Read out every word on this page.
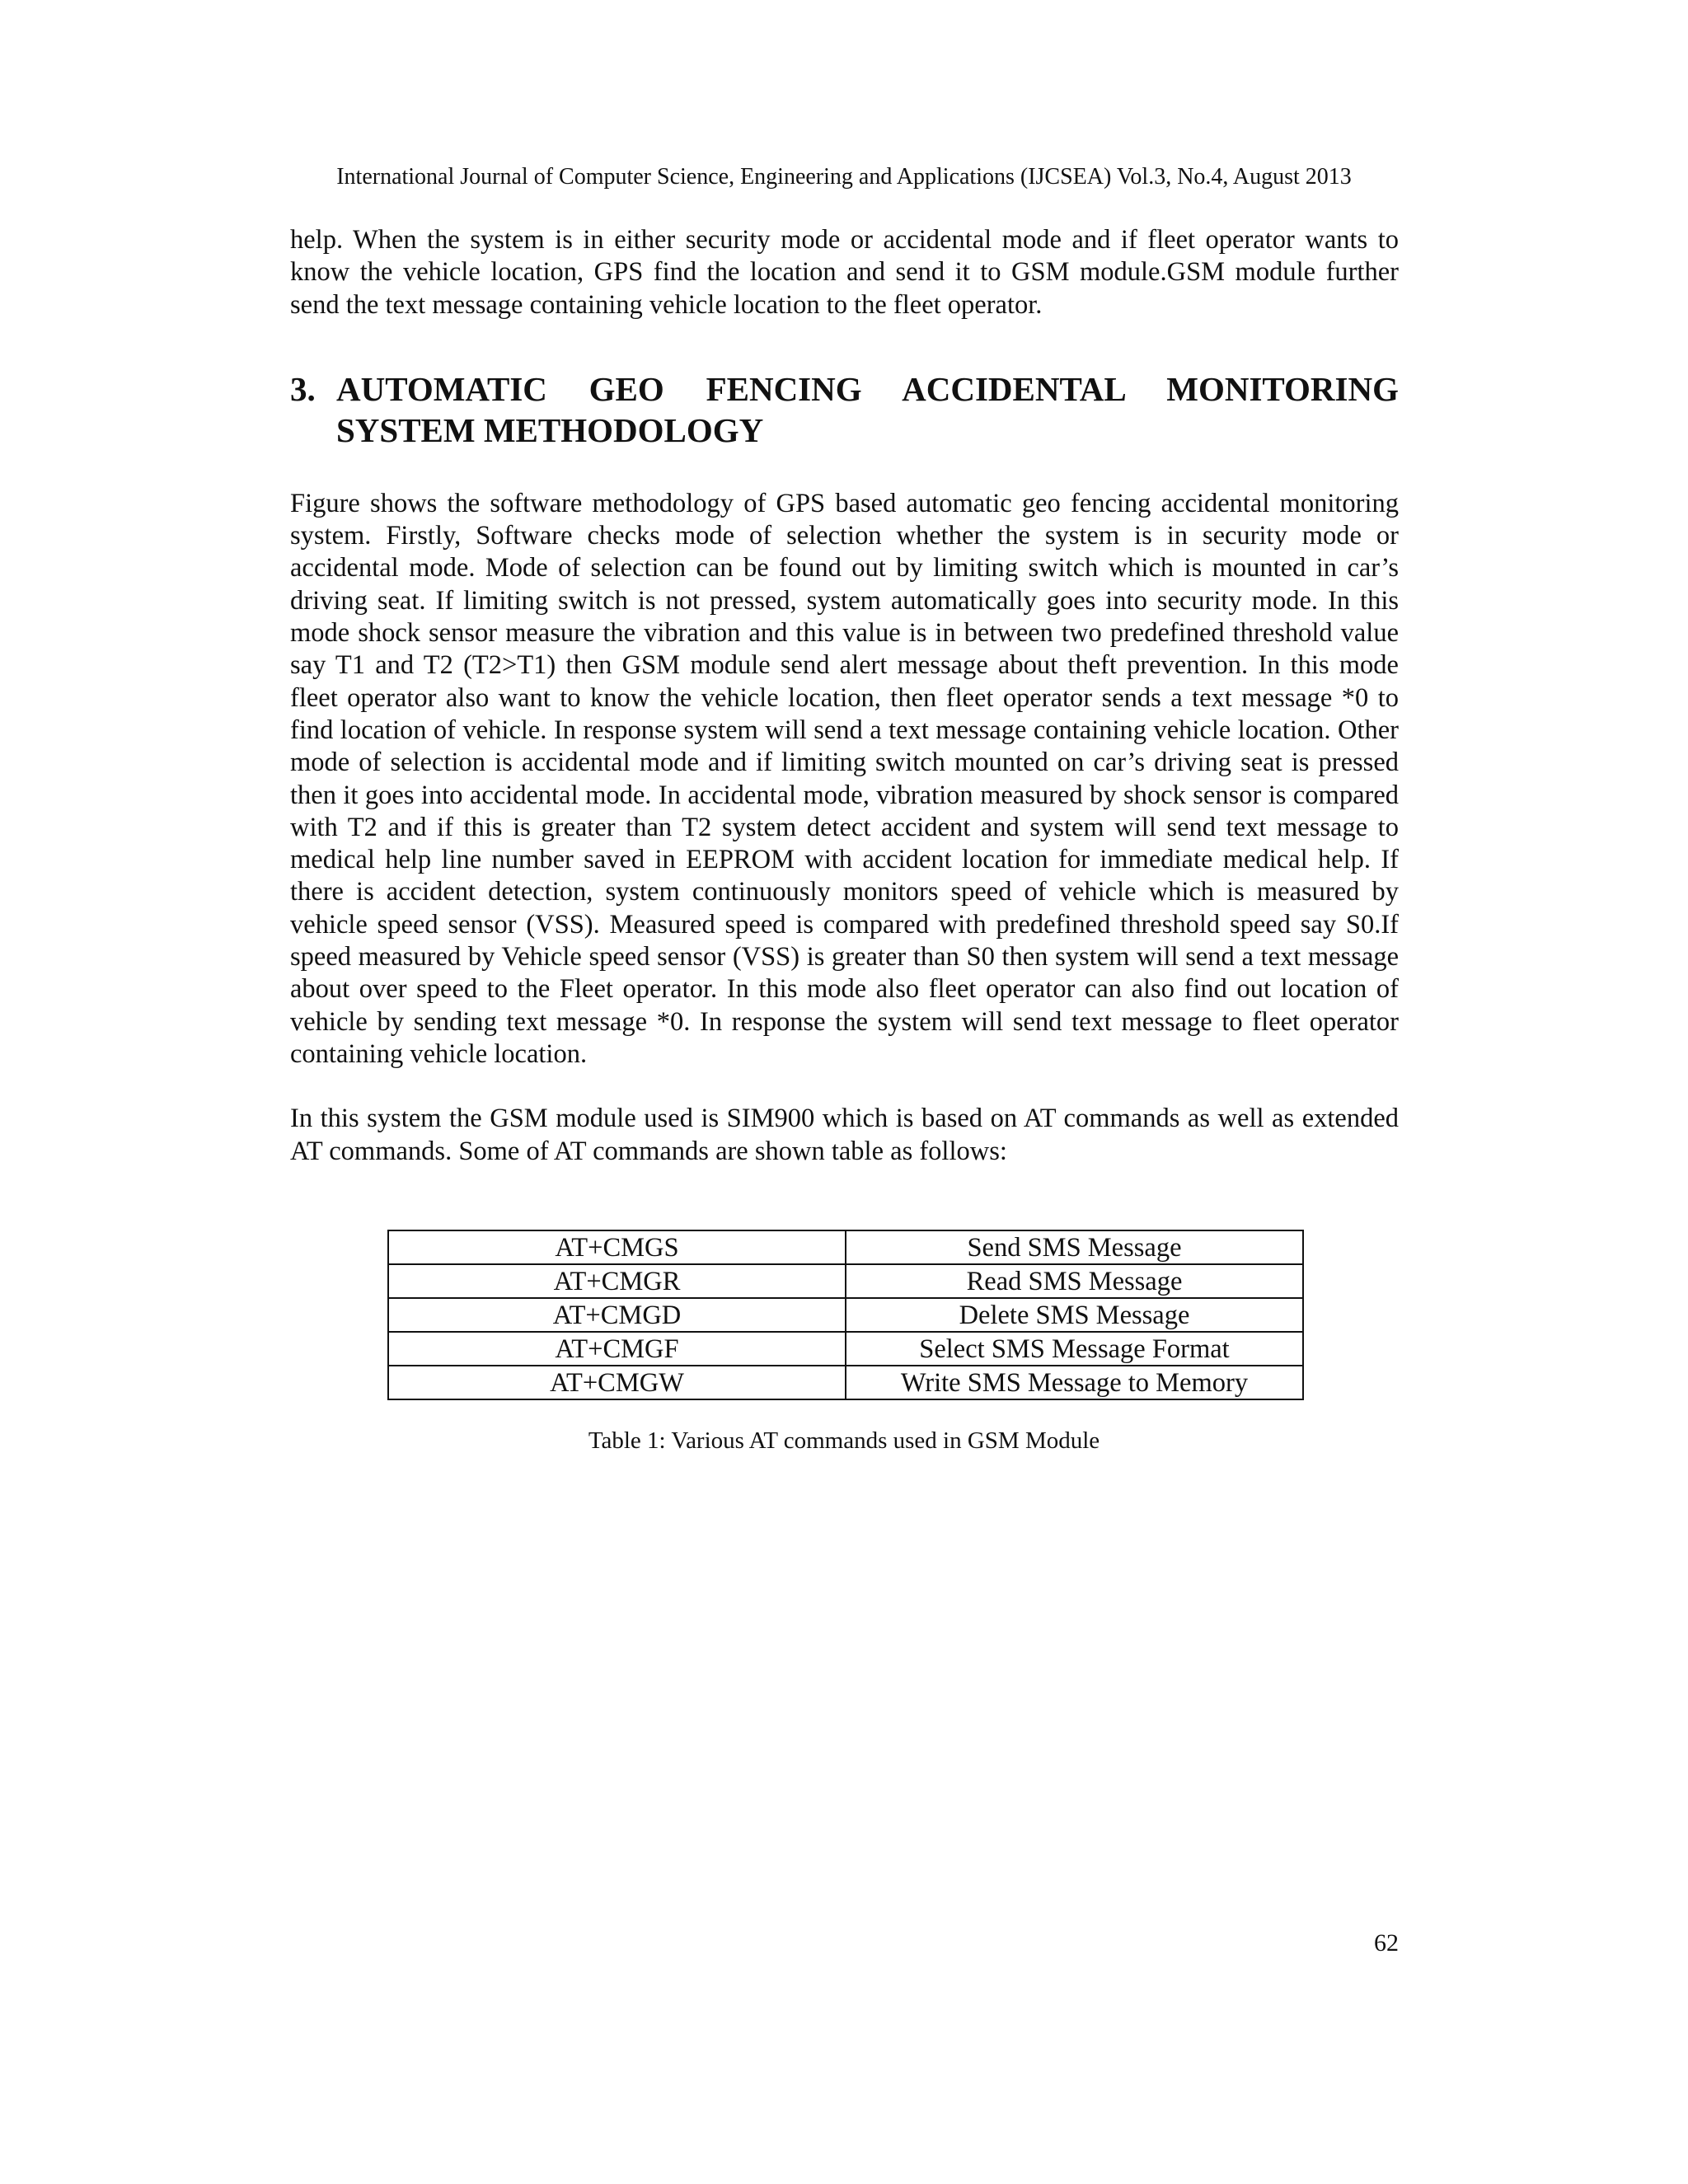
International Journal of Computer Science, Engineering and Applications (IJCSEA) Vol.3, No.4, August 2013

help. When the system is in either security mode or accidental mode and if fleet operator wants to know the vehicle location, GPS find the location and send it to GSM module.GSM module further send the text message containing vehicle location to the fleet operator.

3. AUTOMATIC GEO FENCING ACCIDENTAL MONITORING SYSTEM METHODOLOGY

Figure shows the software methodology of GPS based automatic geo fencing accidental monitoring system. Firstly, Software checks mode of selection whether the system is in security mode or accidental mode. Mode of selection can be found out by limiting switch which is mounted in car’s driving seat. If limiting switch is not pressed, system automatically goes into security mode. In this mode shock sensor measure the vibration and this value is in between two predefined threshold value say T1 and T2 (T2>T1) then GSM module send alert message about theft prevention. In this mode fleet operator also want to know the vehicle location, then fleet operator sends a text message *0 to find location of vehicle. In response system will send a text message containing vehicle location. Other mode of selection is accidental mode and if limiting switch mounted on car’s driving seat is pressed then it goes into accidental mode. In accidental mode, vibration measured by shock sensor is compared with T2 and if this is greater than T2 system detect accident and system will send text message to medical help line number saved in EEPROM with accident location for immediate medical help. If there is accident detection, system continuously monitors speed of vehicle which is measured by vehicle speed sensor (VSS). Measured speed is compared with predefined threshold speed say S0.If speed measured by Vehicle speed sensor (VSS) is greater than S0 then system will send a text message about over speed to the Fleet operator. In this mode also fleet operator can also find out location of vehicle by sending text message *0. In response the system will send text message to fleet operator containing vehicle location.

In this system the GSM module used is SIM900 which is based on AT commands as well as extended AT commands. Some of AT commands are shown table as follows:

AT+CMGS	Send SMS Message
AT+CMGR	Read SMS Message
AT+CMGD	Delete SMS Message
AT+CMGF	Select SMS Message Format
AT+CMGW	Write SMS Message to Memory
Table 1: Various AT commands used in GSM Module
62
